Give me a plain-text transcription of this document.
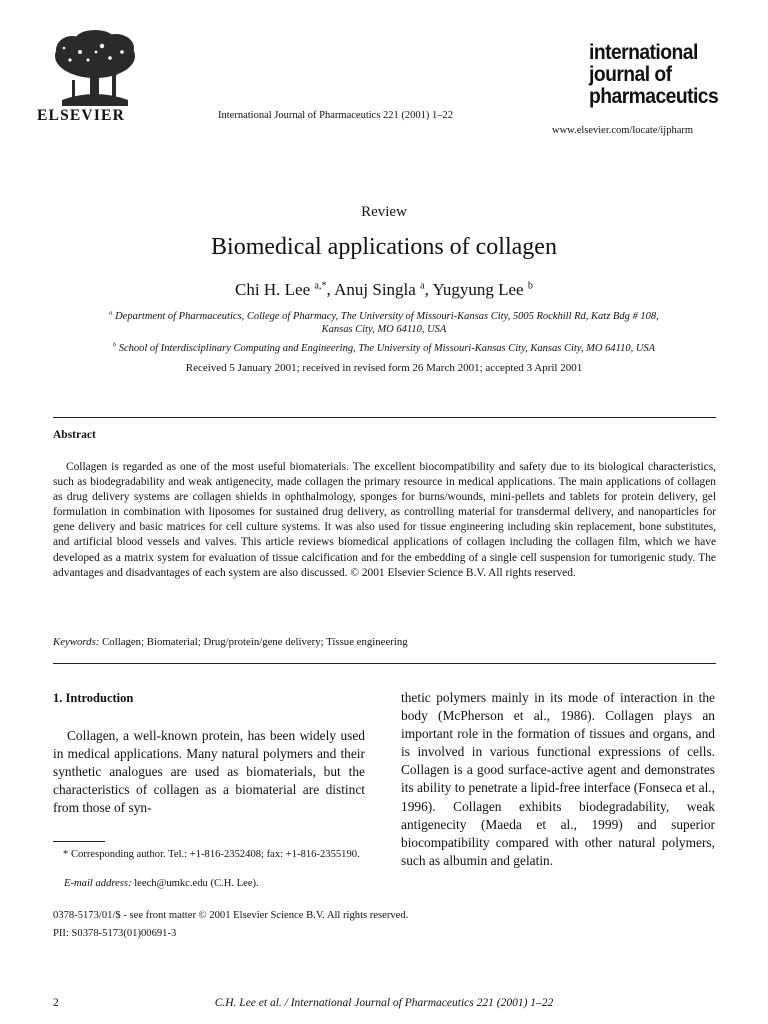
ELSEVIER	International Journal of Pharmaceutics 221 (2001) 1–22
international
journal of
pharmaceutics
www.elsevier.com/locate/ijpharm
Review
Biomedical applications of collagen
Chi H. Lee $^{a,*}$, Anuj Singla $^a$, Yugyung Lee $^b$
$^a$ Department of Pharmaceutics, College of Pharmacy, The University of Missouri-Kansas City, 5005 Rockhill Rd, Katz Bdg # 108,
Kansas City, MO 64110, USA
$^b$ School of Interdisciplinary Computing and Engineering, The University of Missouri-Kansas City, Kansas City, MO 64110, USA
Received 5 January 2001; received in revised form 26 March 2001; accepted 3 April 2001
Abstract

Collagen is regarded as one of the most useful biomaterials. The excellent biocompatibility and safety due to its biological characteristics, such as biodegradability and weak antigenecity, made collagen the primary resource in medical applications. The main applications of collagen as drug delivery systems are collagen shields in ophthalmology, sponges for burns/wounds, mini-pellets and tablets for protein delivery, gel formulation in combination with liposomes for sustained drug delivery, as controlling material for transdermal delivery, and nanoparticles for gene delivery and basic matrices for cell culture systems. It was also used for tissue engineering including skin replacement, bone substitutes, and artificial blood vessels and valves. This article reviews biomedical applications of collagen including the collagen film, which we have developed as a matrix system for evaluation of tissue calcification and for the embedding of a single cell suspension for tumorigenic study. The advantages and disadvantages of each system are also discussed. © 2001 Elsevier Science B.V. All rights reserved.

Keywords: Collagen; Biomaterial; Drug/protein/gene delivery; Tissue engineering
1. Introduction

Collagen, a well-known protein, has been widely used in medical applications. Many natural polymers and their synthetic analogues are used as biomaterials, but the characteristics of collagen as a biomaterial are distinct from those of syn-

thetic polymers mainly in its mode of interaction in the body (McPherson et al., 1986). Collagen plays an important role in the formation of tissues and organs, and is involved in various functional expressions of cells. Collagen is a good surface-active agent and demonstrates its ability to penetrate a lipid-free interface (Fonseca et al., 1996). Collagen exhibits biodegradability, weak antigenecity (Maeda et al., 1999) and superior biocompatibility compared with other natural polymers, such as albumin and gelatin.

* Corresponding author. Tel.: +1-816-2352408; fax: +1-816-2355190.
E-mail address: leech@umkc.edu (C.H. Lee).
0378-5173/01/$ - see front matter © 2001 Elsevier Science B.V. All rights reserved.
PII: S0378-5173(01)00691-3
C.H. Lee et al. / International Journal of Pharmaceutics 221 (2001) 1–22
2
